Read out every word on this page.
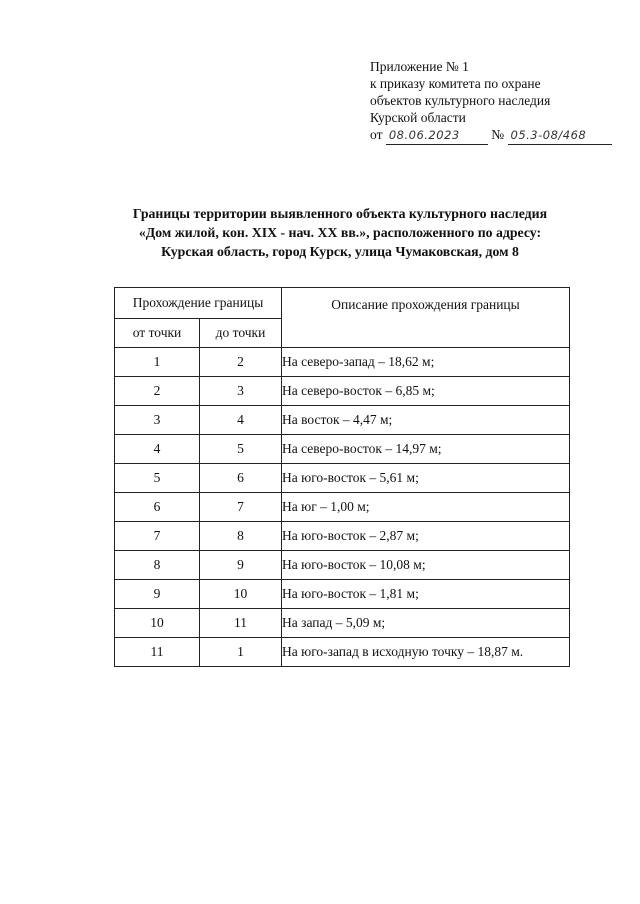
Приложение № 1
к приказу комитета по охране
объектов культурного наследия
Курской области
от 08.06.2023 № 05.3-08/468
Границы территории выявленного объекта культурного наследия
«Дом жилой, кон. XIX - нач. XX вв.», расположенного по адресу:
Курская область, город Курск, улица Чумаковская, дом 8
Прохождение границы		Описание прохождения границы
от точки	до точки	
1	2	На северо-запад – 18,62 м;
2	3	На северо-восток – 6,85 м;
3	4	На восток – 4,47 м;
4	5	На северо-восток – 14,97 м;
5	6	На юго-восток – 5,61 м;
6	7	На юг – 1,00 м;
7	8	На юго-восток – 2,87 м;
8	9	На юго-восток – 10,08 м;
9	10	На юго-восток – 1,81 м;
10	11	На запад – 5,09 м;
11	1	На юго-запад в исходную точку – 18,87 м.
